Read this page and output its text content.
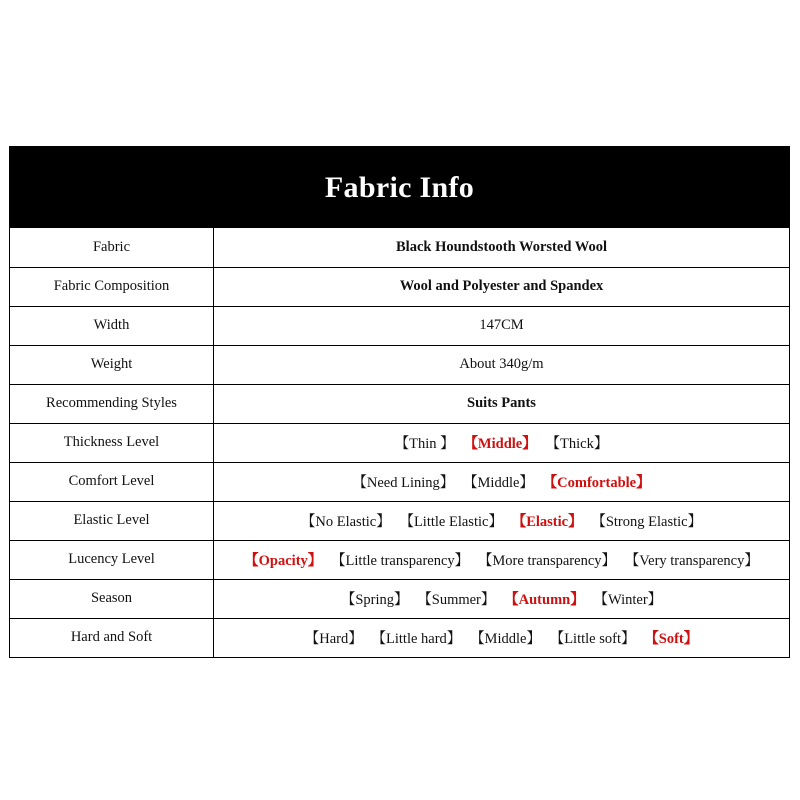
Fabric Info
Fabric	Black Houndstooth Worsted Wool
Fabric Composition	Wool and Polyester and Spandex
Width	147CM
Weight	About 340g/m
Recommending Styles	Suits Pants
Thickness Level	【Thin 】 【Middle】 【Thick】
Comfort Level	【Need Lining】 【Middle】 【Comfortable】
Elastic Level	【No Elastic】 【Little Elastic】 【Elastic】 【Strong Elastic】
Lucency Level	【Opacity】 【Little transparency】 【More transparency】 【Very transparency】
Season	【Spring】 【Summer】 【Autumn】 【Winter】
Hard and Soft	【Hard】 【Little hard】 【Middle】 【Little soft】 【Soft】
